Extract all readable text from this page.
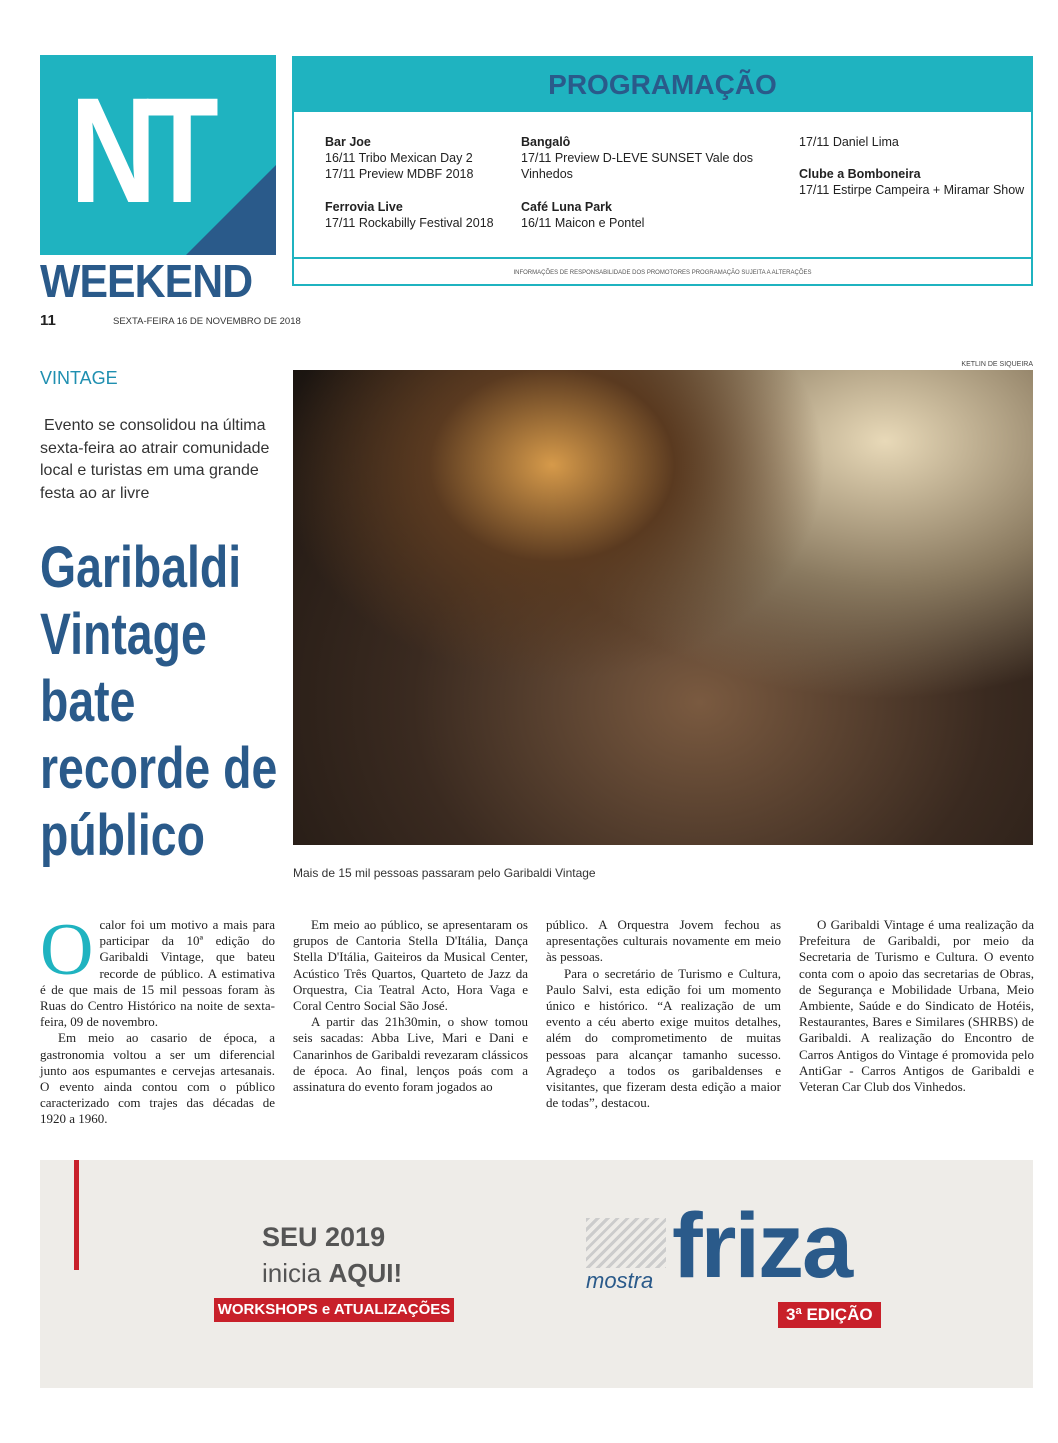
NT
WEEKEND
11	SEXTA-FEIRA 16 DE NOVEMBRO DE 2018
PROGRAMAÇÃO
Bar Joe
16/11 Tribo Mexican Day 2
17/11 Preview MDBF 2018
Ferrovia Live
17/11 Rockabilly Festival 2018
Bangalô
17/11 Preview D-LEVE SUNSET Vale dos Vinhedos
Café Luna Park
16/11 Maicon e Pontel
17/11 Daniel Lima
Clube a Bomboneira
17/11 Estirpe Campeira + Miramar Show
INFORMAÇÕES DE RESPONSABILIDADE DOS PROMOTORES PROGRAMAÇÃO SUJEITA A ALTERAÇÕES
KETLIN DE SIQUEIRA
Mais de 15 mil pessoas passaram pelo Garibaldi Vintage
VINTAGE
Evento se consolidou na última sexta-feira ao atrair comunidade local e turistas em uma grande festa ao ar livre
Garibaldi Vintage bate recorde de público
O calor foi um motivo a mais para participar da 10ª edição do Garibaldi Vintage, que bateu recorde de público. A estimativa é de que mais de 15 mil pessoas foram às Ruas do Centro Histórico na noite de sexta-feira, 09 de novembro.

Em meio ao casario de época, a gastronomia voltou a ser um diferencial junto aos espumantes e cervejas artesanais. O evento ainda contou com o público caracterizado com trajes das décadas de 1920 a 1960.

Em meio ao público, se apresentaram os grupos de Cantoria Stella D'Itália, Dança Stella D'Itália, Gaiteiros da Musical Center, Acústico Três Quartos, Quarteto de Jazz da Orquestra, Cia Teatral Acto, Hora Vaga e Coral Centro Social São José.

A partir das 21h30min, o show tomou seis sacadas: Abba Live, Mari e Dani e Canarinhos de Garibaldi revezaram clássicos de época. Ao final, lenços poás com a assinatura do evento foram jogados ao

público. A Orquestra Jovem fechou as apresentações culturais novamente em meio às pessoas.

Para o secretário de Turismo e Cultura, Paulo Salvi, esta edição foi um momento único e histórico. “A realização de um evento a céu aberto exige muitos detalhes, além do comprometimento de muitas pessoas para alcançar tamanho sucesso. Agradeço a todos os garibaldenses e visitantes, que fizeram desta edição a maior de todas”, destacou.

O Garibaldi Vintage é uma realização da Prefeitura de Garibaldi, por meio da Secretaria de Turismo e Cultura. O evento conta com o apoio das secretarias de Obras, de Segurança e Mobilidade Urbana, Meio Ambiente, Saúde e do Sindicato de Hotéis, Restaurantes, Bares e Similares (SHRBS) de Garibaldi. A realização do Encontro de Carros Antigos do Vintage é promovida pelo AntiGar - Carros Antigos de Garibaldi e Veteran Car Club dos Vinhedos.

SEU 2019
inicia AQUI!
WORKSHOPS e ATUALIZAÇÕES
mostra friza
3ª EDIÇÃO
